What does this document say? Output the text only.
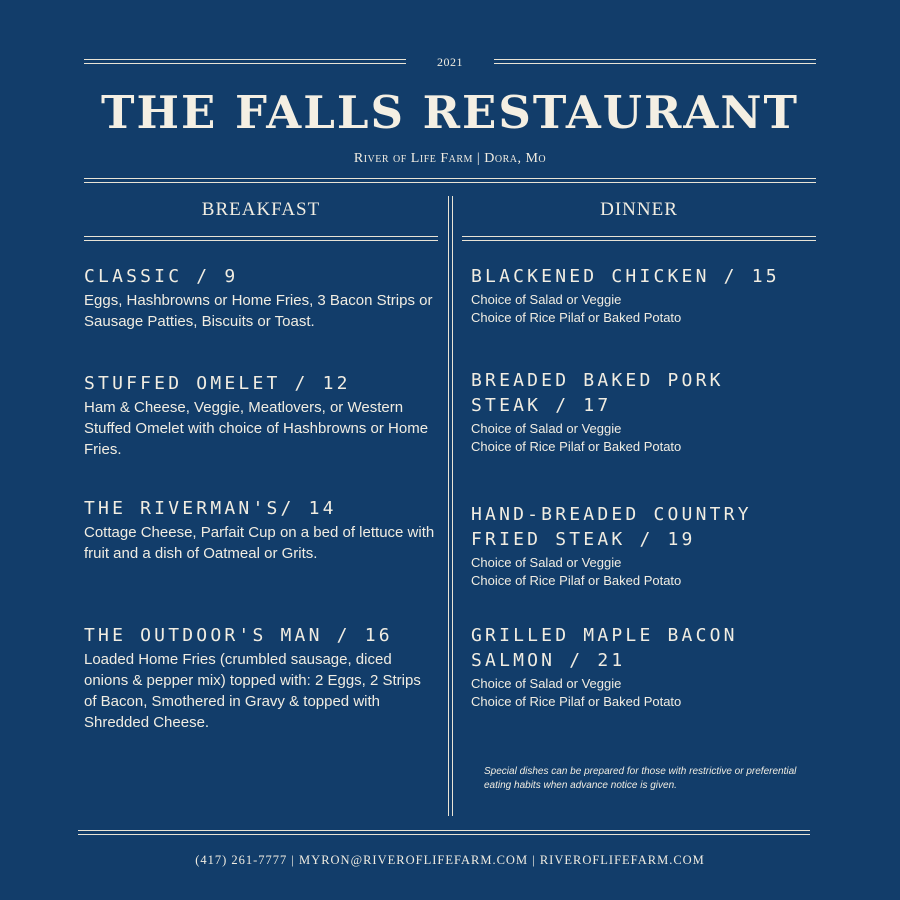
2021
THE FALLS RESTAURANT
River of Life Farm | Dora, Mo
BREAKFAST	DINNER
CLASSIC / 9
Eggs, Hashbrowns or Home Fries, 3 Bacon Strips or Sausage Patties, Biscuits or Toast.
STUFFED OMELET / 12
Ham & Cheese, Veggie, Meatlovers, or Western Stuffed Omelet with choice of Hashbrowns or Home Fries.
THE RIVERMAN'S/ 14
Cottage Cheese, Parfait Cup on a bed of lettuce with fruit and a dish of Oatmeal or Grits.
THE OUTDOOR'S MAN / 16
Loaded Home Fries (crumbled sausage, diced onions & pepper mix) topped with: 2 Eggs, 2 Strips of Bacon, Smothered in Gravy & topped with Shredded Cheese.
BLACKENED CHICKEN / 15
Choice of Salad or Veggie
Choice of Rice Pilaf or Baked Potato
BREADED BAKED PORK
STEAK / 17
Choice of Salad or Veggie
Choice of Rice Pilaf or Baked Potato
HAND-BREADED COUNTRY
FRIED STEAK / 19
Choice of Salad or Veggie
Choice of Rice Pilaf or Baked Potato
GRILLED MAPLE BACON
SALMON / 21
Choice of Salad or Veggie
Choice of Rice Pilaf or Baked Potato
Special dishes can be prepared for those with restrictive or preferential eating habits when advance notice is given.
(417) 261-7777 | MYRON@RIVEROFLIFEFARM.COM | RIVEROFLIFEFARM.COM
